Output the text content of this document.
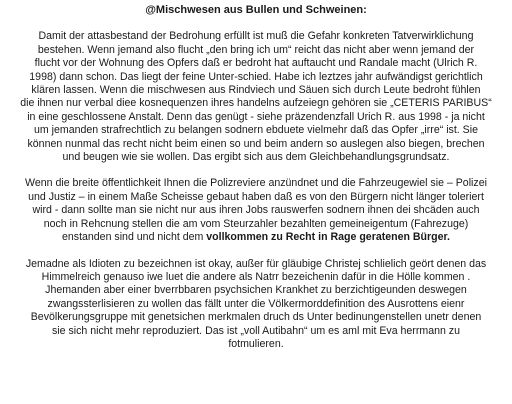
@Mischwesen aus Bullen und Schweinen:
Damit der attasbestand der Bedrohung erfüllt ist muß die Gefahr konkreten Tatverwirklichung
bestehen. Wenn jemand also flucht „den bring ich um“ reicht das nicht aber wenn jemand der
flucht vor der Wohnung des Opfers daß er bedroht hat auftaucht und Randale macht (Ulrich R.
1998) dann schon. Das liegt der feine Unter-schied. Habe ich leztzes jahr aufwändigst gerichtlich
klären lassen. Wenn die mischwesen aus Rindviech und Säuen sich durch Leute bedroht fühlen
die ihnen nur verbal diee kosnequenzen ihres handelns aufzeiegn gehören sie „CETERIS PARIBUS“
in eine geschlossene Anstalt. Denn das genügt - siehe präzendenzfall Urich R. aus 1998 - ja nicht
um jemanden strafrechtlich zu belangen sodnern ebduete vielmehr daß das Opfer „irre“ ist. Sie
können nunmal das recht nicht beim einen so und beim andern so auslegen also biegen, brechen
und beugen wie sie wollen. Das ergibt sich aus dem Gleichbehandlungsgrundsatz.
Wenn die breite öffentlichkeit Ihnen die Polizreviere anzündnet und die Fahrzeugewiel sie – Polizei
und Justiz – in einem Maße Scheisse gebaut haben daß es von den Bürgern nicht länger toleriert
wird - dann sollte man sie nicht nur aus ihren Jobs rauswerfen sodnern ihnen dei shcäden auch
noch in Rehcnung stellen die am vom Steurzahler bezahlten gemeineigentum (Fahrezuge)
enstanden sind und nicht dem vollkommen zu Recht in Rage geratenen Bürger.
Jemadne als Idioten zu bezeichnen ist okay, außer für gläubige Christej schlielich geört denen das
Himmelreich genauso iwe luet die andere als Natrr bezeichenin dafür in die Hölle kommen .
Jhemanden aber einer bverrbbaren psychsichen Krankhet zu berzichtigeunden deswegen
zwangssterlisieren zu wollen das fällt unter die Völkermorddefinition des Ausrottens eienr
Bevölkerungsgruppe mit genetsichen merkmalen druch ds Unter bedinungenstellen unetr denen
sie sich nicht mehr reproduziert. Das ist „voll Autibahn“ um es aml mit Eva herrmann zu
fotmulieren.
